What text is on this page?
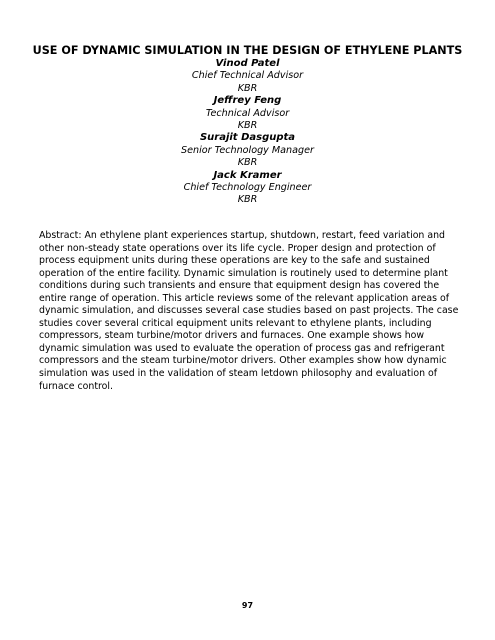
USE OF DYNAMIC SIMULATION IN THE DESIGN OF ETHYLENE PLANTS
Vinod Patel
Chief Technical Advisor
KBR
Jeffrey Feng
Technical Advisor
KBR
Surajit Dasgupta
Senior Technology Manager
KBR
Jack Kramer
Chief Technology Engineer
KBR

Abstract: An ethylene plant experiences startup, shutdown, restart, feed variation and other non-steady state operations over its life cycle. Proper design and protection of process equipment units during these operations are key to the safe and sustained operation of the entire facility. Dynamic simulation is routinely used to determine plant conditions during such transients and ensure that equipment design has covered the entire range of operation. This article reviews some of the relevant application areas of dynamic simulation, and discusses several case studies based on past projects. The case studies cover several critical equipment units relevant to ethylene plants, including compressors, steam turbine/motor drivers and furnaces. One example shows how dynamic simulation was used to evaluate the operation of process gas and refrigerant compressors and the steam turbine/motor drivers. Other examples show how dynamic simulation was used in the validation of steam letdown philosophy and evaluation of furnace control.

97
